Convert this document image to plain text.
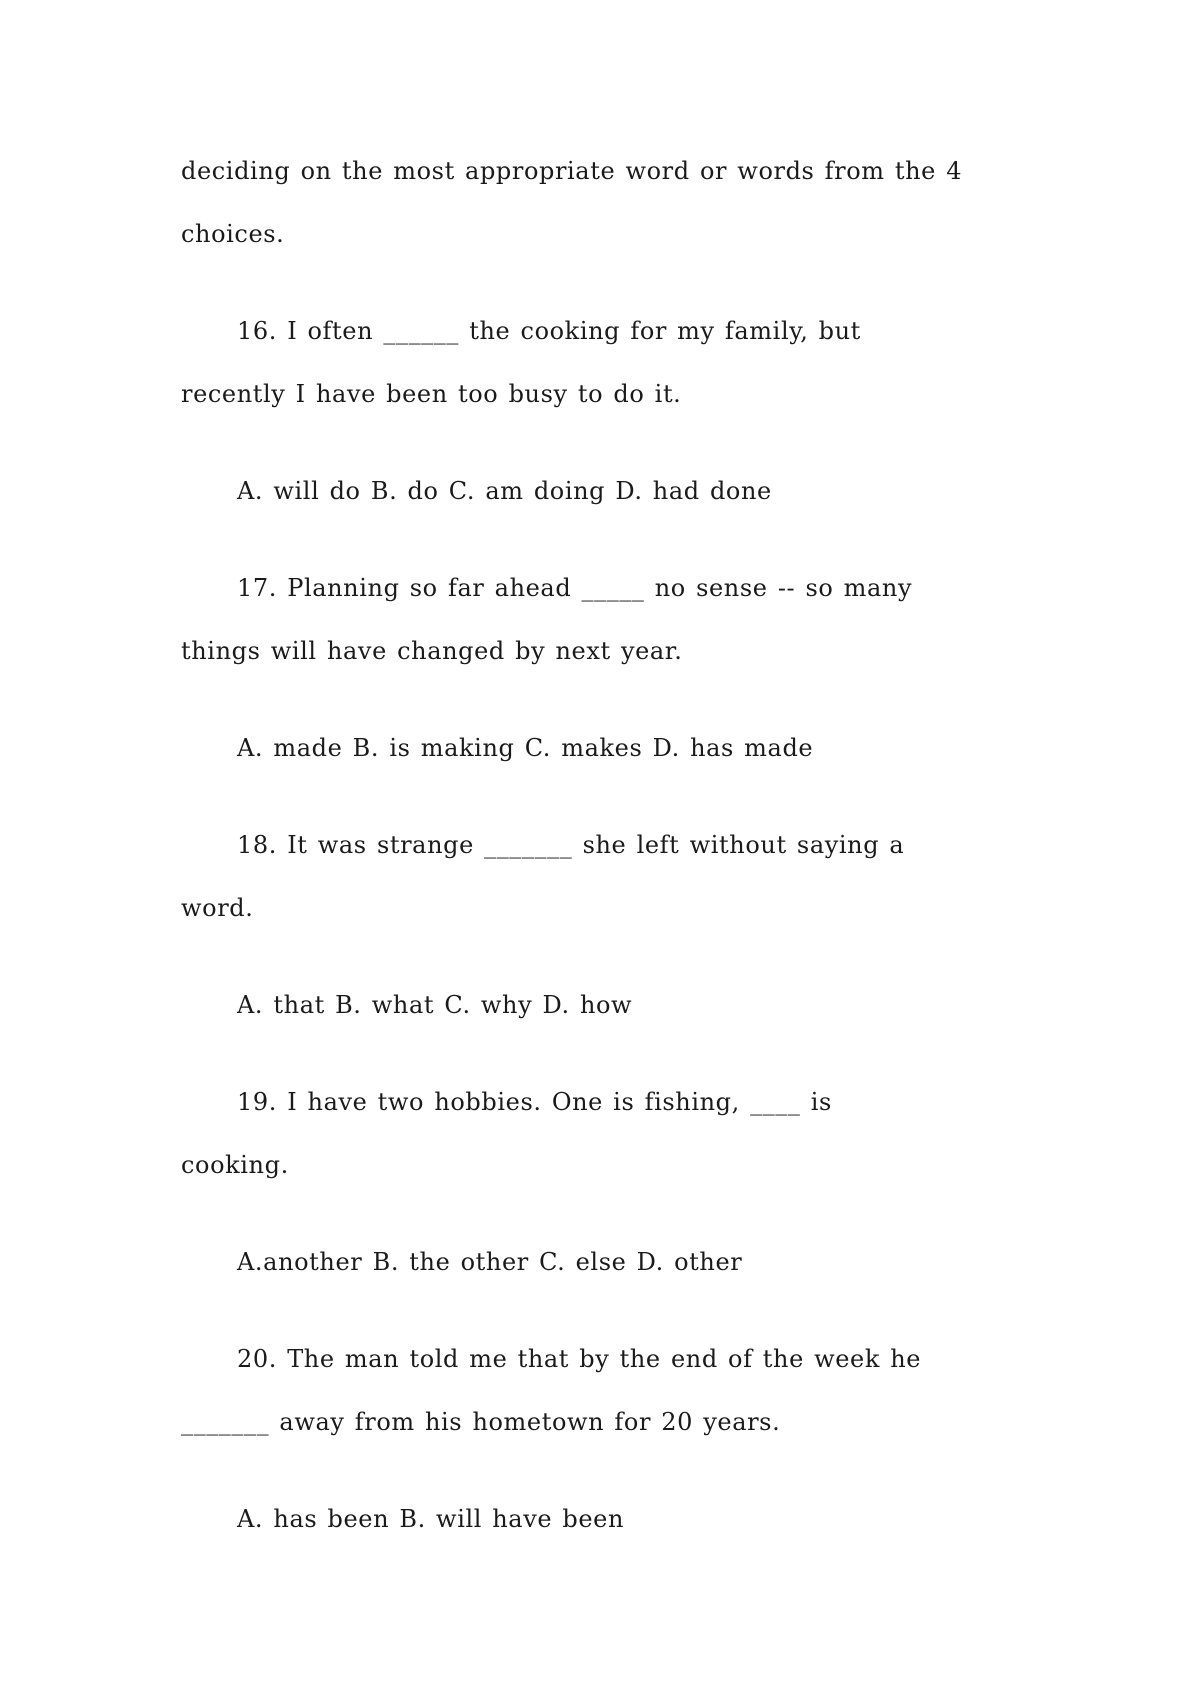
deciding on the most appropriate word or words from the 4

choices.

16. I often ______ the cooking for my family, but

recently I have been too busy to do it.

A. will do B. do C. am doing D. had done

17. Planning so far ahead _____ no sense -- so many

things will have changed by next year.

A. made B. is making C. makes D. has made

18. It was strange _______ she left without saying a

word.

A. that B. what C. why D. how

19. I have two hobbies. One is fishing, ____ is

cooking.

A.another B. the other C. else D. other

20. The man told me that by the end of the week he

_______ away from his hometown for 20 years.

A. has been B. will have been
